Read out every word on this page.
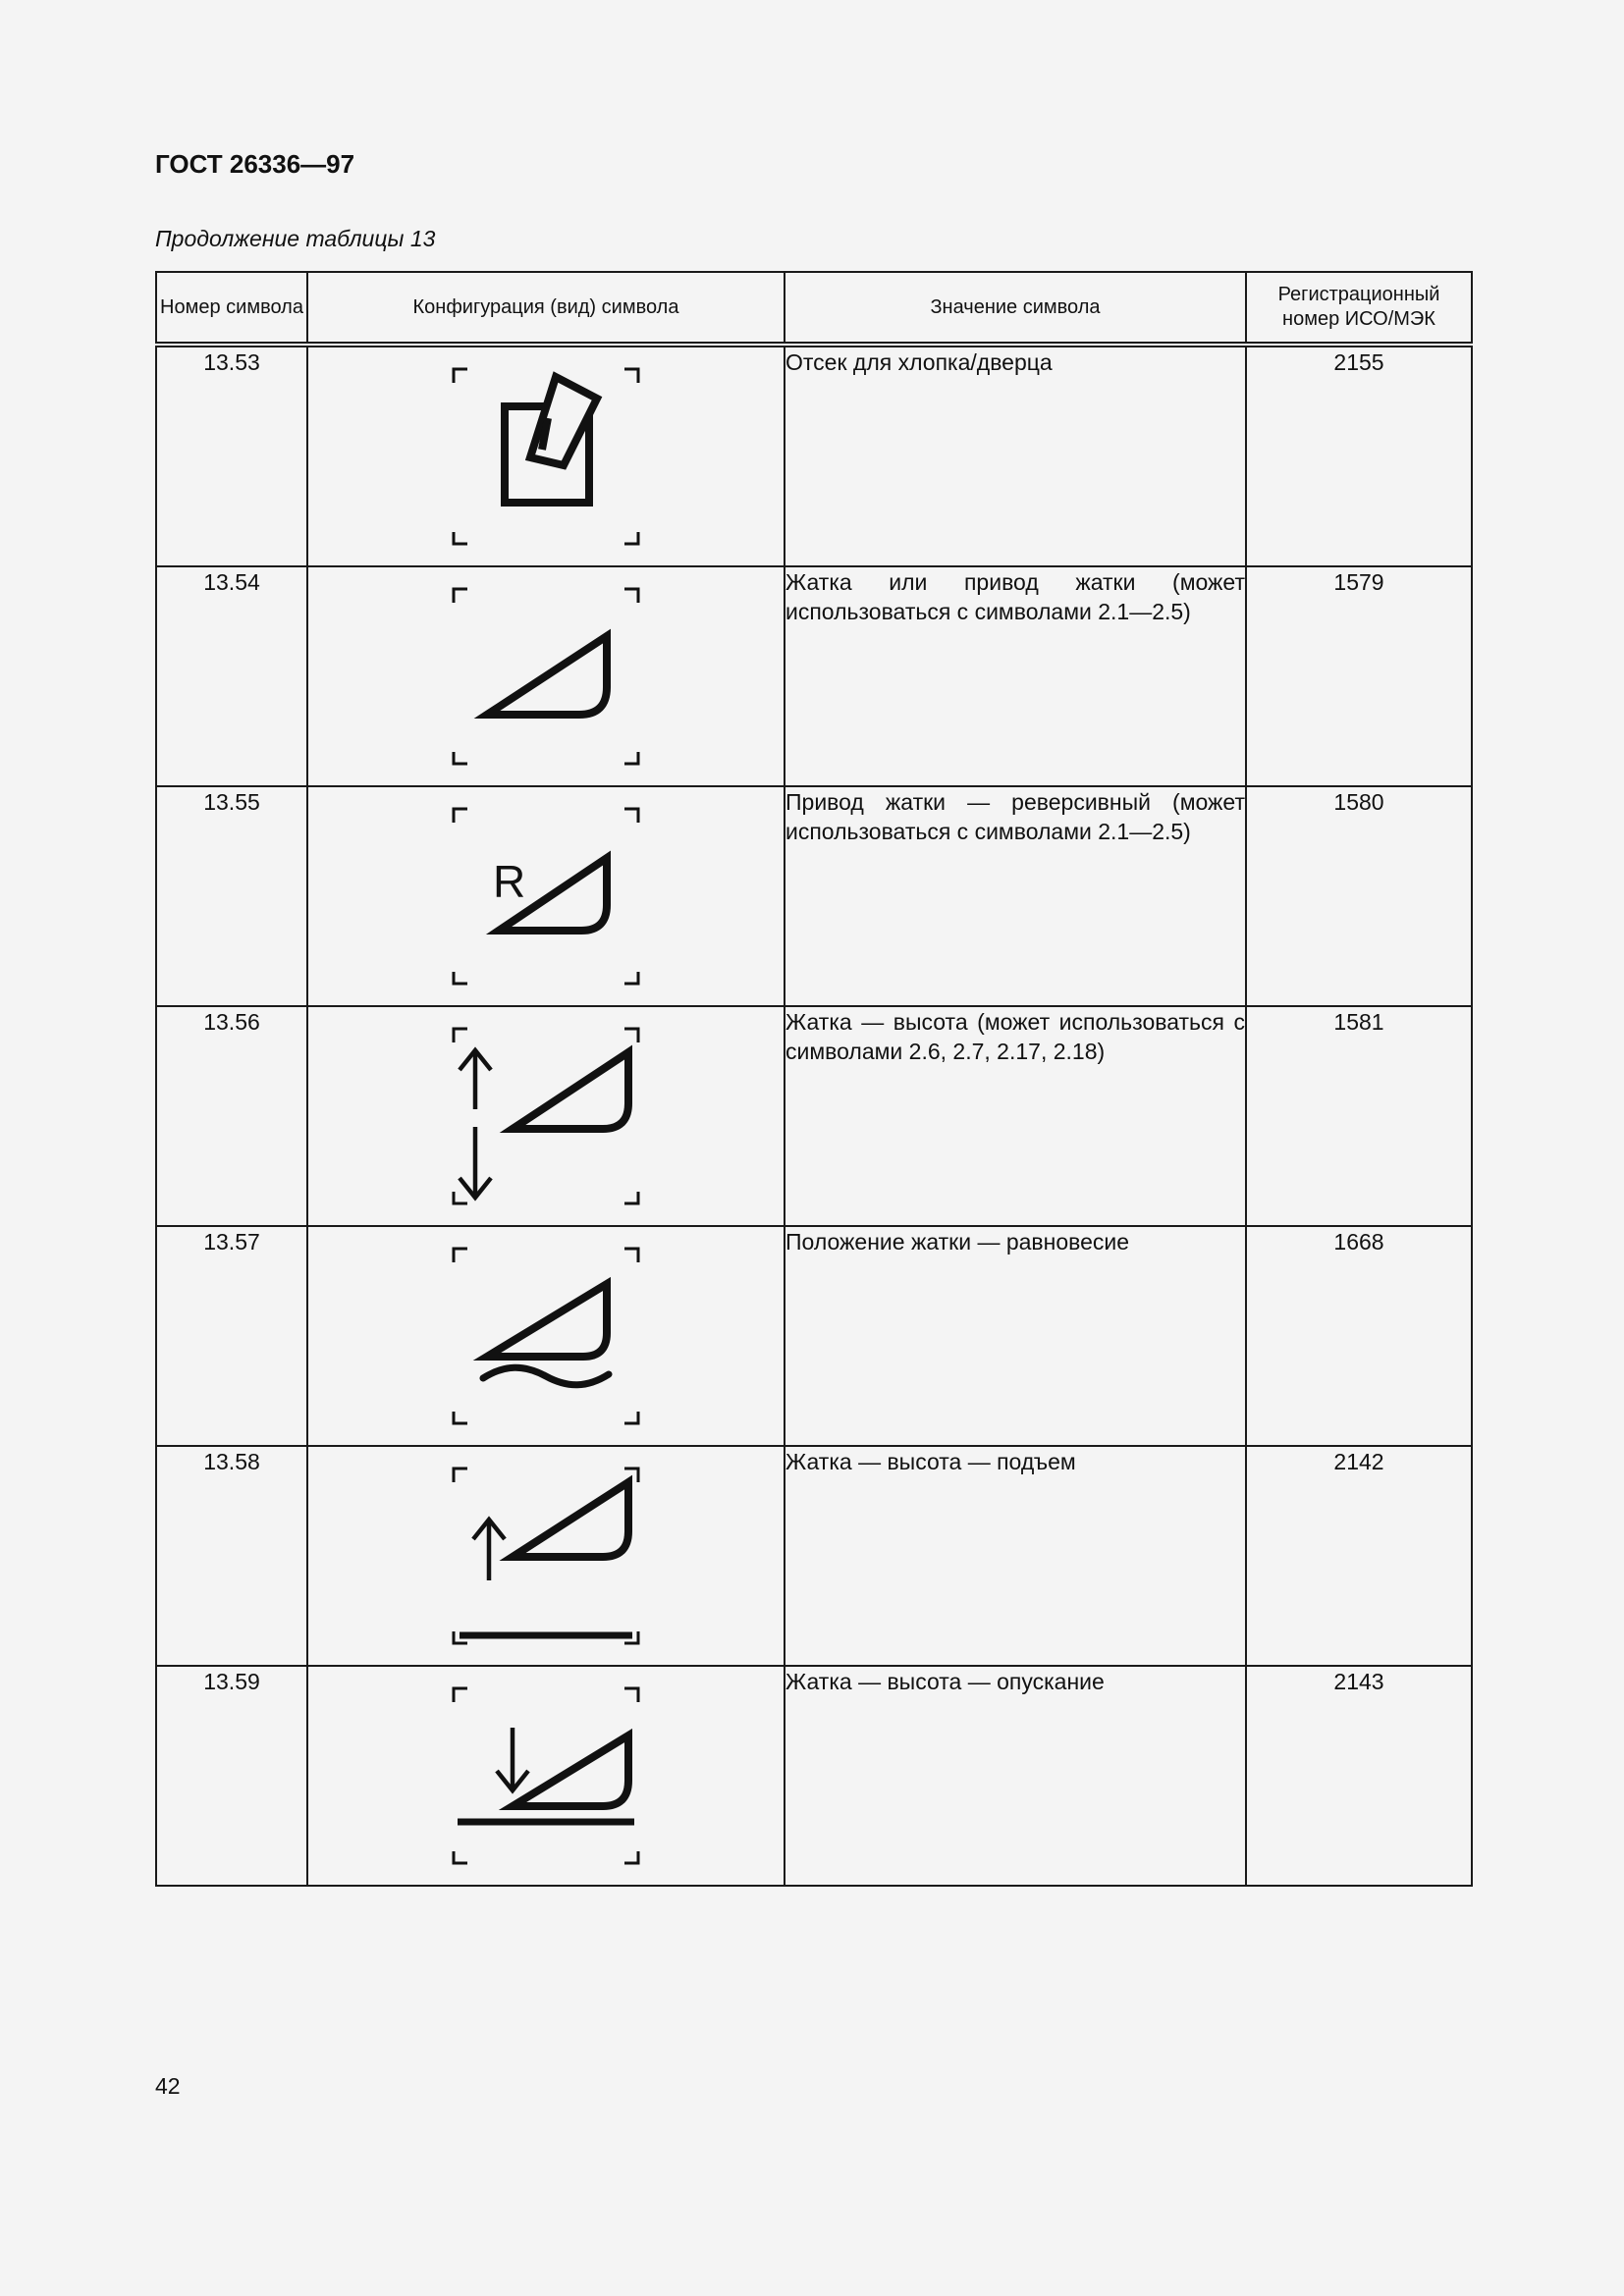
ГОСТ 26336—97
Продолжение таблицы 13
Номер символа	Конфигурация (вид) символа	Значение символа	Регистрационный номер ИСО/МЭК
13.53		Отсек для хлопка/дверца	2155
13.54		Жатка или привод жатки (может использоваться с символами 2.1—2.5)	1579
13.55	R	Привод жатки — реверсивный (может использоваться с символами 2.1—2.5)	1580
13.56		Жатка — высота (может использоваться с символами 2.6, 2.7, 2.17, 2.18)	1581
13.57		Положение жатки — равновесие	1668
13.58		Жатка — высота — подъем	2142
13.59		Жатка — высота — опускание	2143
42
